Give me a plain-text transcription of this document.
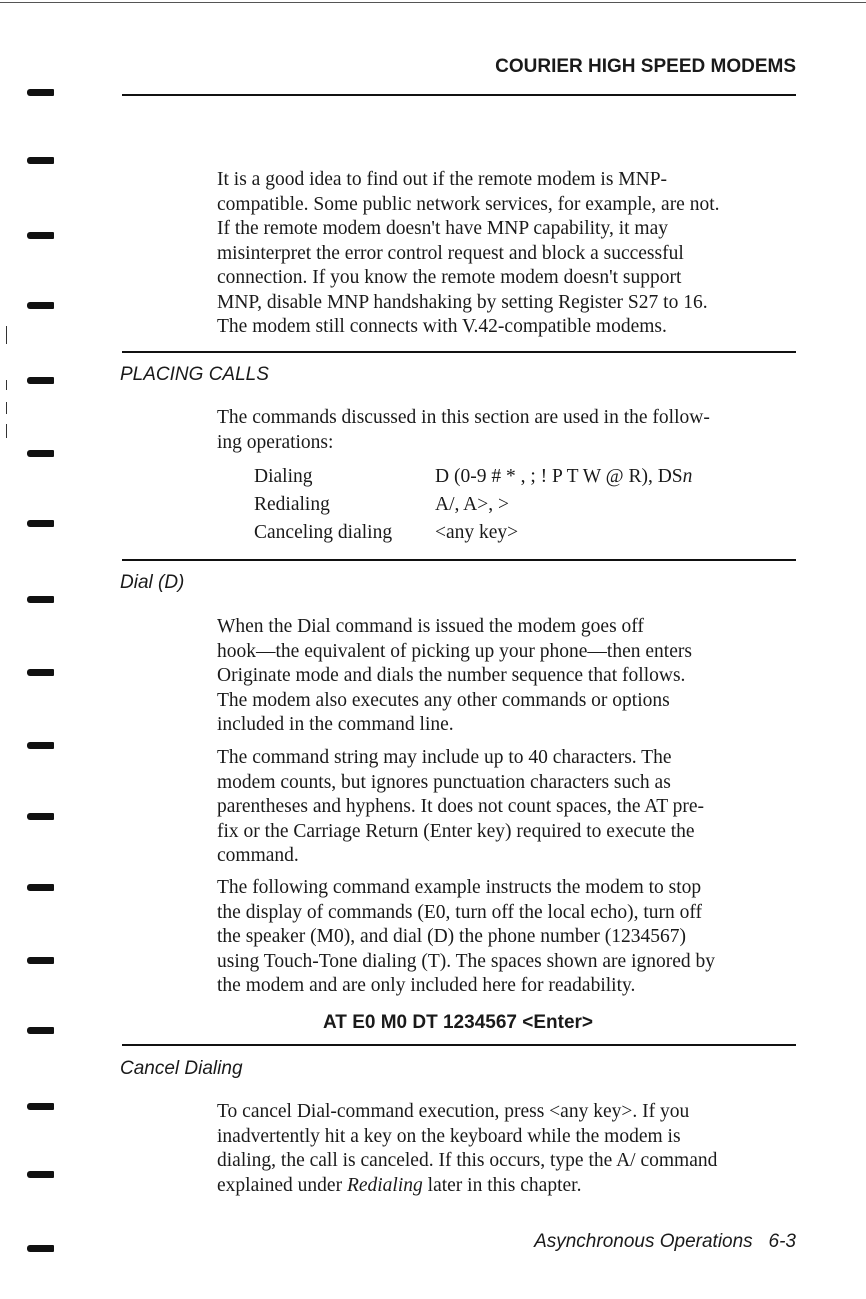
COURIER HIGH SPEED MODEMS
It is a good idea to find out if the remote modem is MNP-
compatible. Some public network services, for example, are not.
If the remote modem doesn't have MNP capability, it may
misinterpret the error control request and block a successful
connection. If you know the remote modem doesn't support
MNP, disable MNP handshaking by setting Register S27 to 16.
The modem still connects with V.42-compatible modems.
PLACING CALLS
The commands discussed in this section are used in the follow-
ing operations:
Dialing	D (0-9 # * , ; ! P T W @ R), DSn
Redialing	A/, A>, >
Canceling dialing <any key>
Dial (D)
When the Dial command is issued the modem goes off
hook—the equivalent of picking up your phone—then enters
Originate mode and dials the number sequence that follows.
The modem also executes any other commands or options
included in the command line.
The command string may include up to 40 characters. The
modem counts, but ignores punctuation characters such as
parentheses and hyphens. It does not count spaces, the AT pre-
fix or the Carriage Return (Enter key) required to execute the
command.
The following command example instructs the modem to stop
the display of commands (E0, turn off the local echo), turn off
the speaker (M0), and dial (D) the phone number (1234567)
using Touch-Tone dialing (T). The spaces shown are ignored by
the modem and are only included here for readability.
AT E0 M0 DT 1234567 <Enter>
Cancel Dialing
To cancel Dial-command execution, press <any key>. If you
inadvertently hit a key on the keyboard while the modem is
dialing, the call is canceled. If this occurs, type the A/ command
explained under Redialing later in this chapter.
Asynchronous Operations 6-3
